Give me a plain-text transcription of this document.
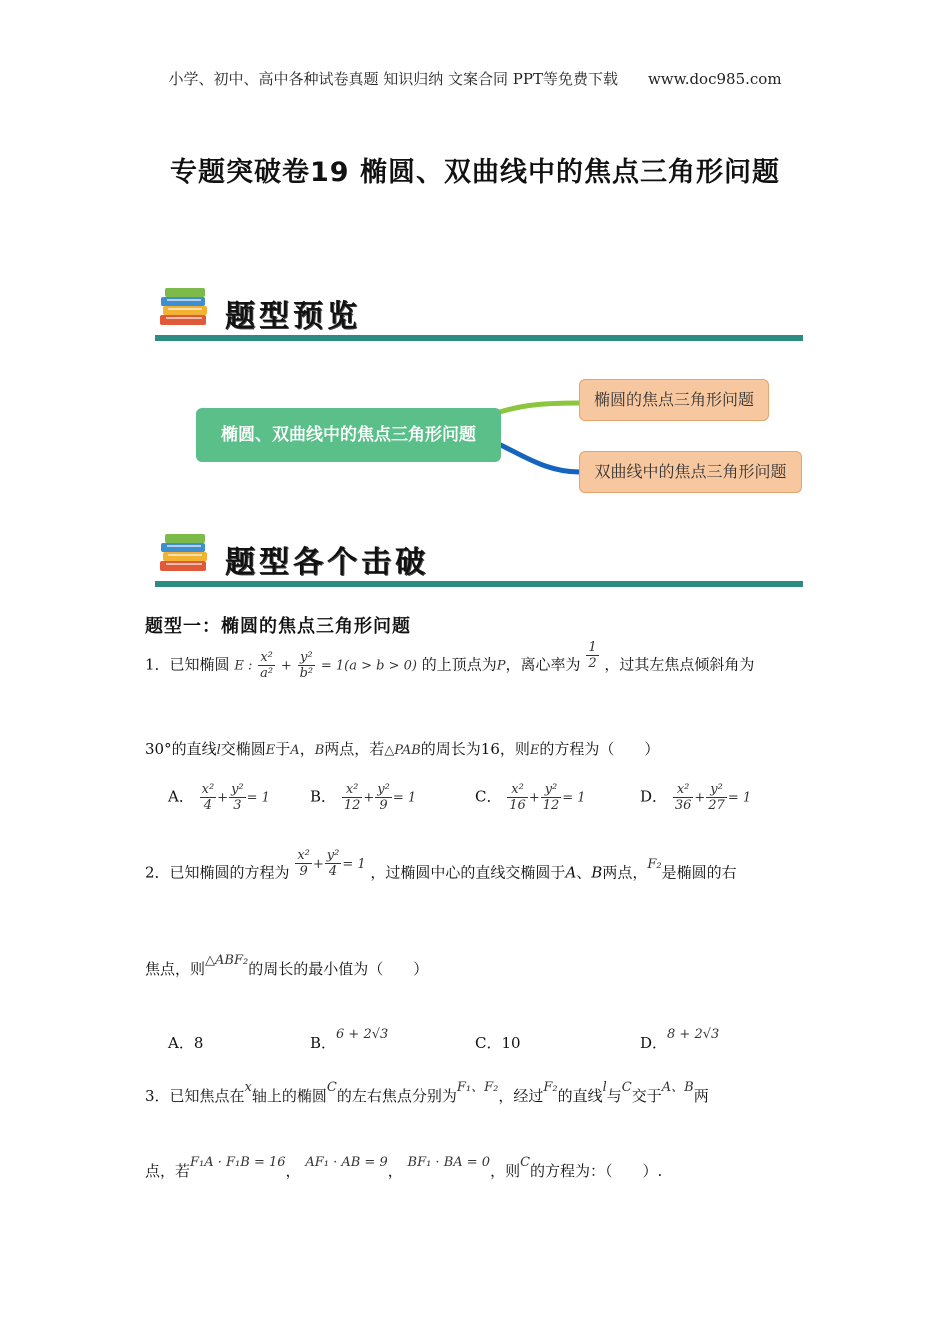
小学、初中、高中各种试卷真题 知识归纳 文案合同 PPT等免费下载　　www.doc985.com
专题突破卷19 椭圆、双曲线中的焦点三角形问题
题型预览
椭圆、双曲线中的焦点三角形问题
椭圆的焦点三角形问题
双曲线中的焦点三角形问题
题型各个击破
题型一：椭圆的焦点三角形问题
1．已知椭圆 E : $\frac{\text{x²}}{\text{a²}} + \frac{\text{y²}}{\text{b²}} = 1(a > b > 0)$ 的上顶点为P，离心率为 $\frac{1}{2}$ ，过其左焦点倾斜角为
30°的直线l交椭圆E于A，B两点，若△PAB的周长为16，则E的方程为（　　）
A． $\frac{\text{x²}}{4} + \frac{\text{y²}}{3} = 1$	B． $\frac{\text{x²}}{12} + \frac{\text{y²}}{9} = 1$	C． $\frac{\text{x²}}{16} + \frac{\text{y²}}{12} = 1$	D． $\frac{\text{x²}}{36} + \frac{\text{y²}}{27} = 1$
2．已知椭圆的方程为 $\frac{\text{x²}}{9} + \frac{\text{y²}}{4} = 1$ ，过椭圆中心的直线交椭圆于A、B两点，F₂是椭圆的右
焦点，则△ABF₂的周长的最小值为（　　）
A．8	B．6 + 2√3	C．10	D．8 + 2√3
3．已知焦点在x轴上的椭圆C的左右焦点分别为F₁、F₂，经过F₂的直线l与C交于A、B两
点，若F₁A · F₁B = 16， AF₁ · AB = 9， BF₁ · BA = 0，则C的方程为：（　　）.
